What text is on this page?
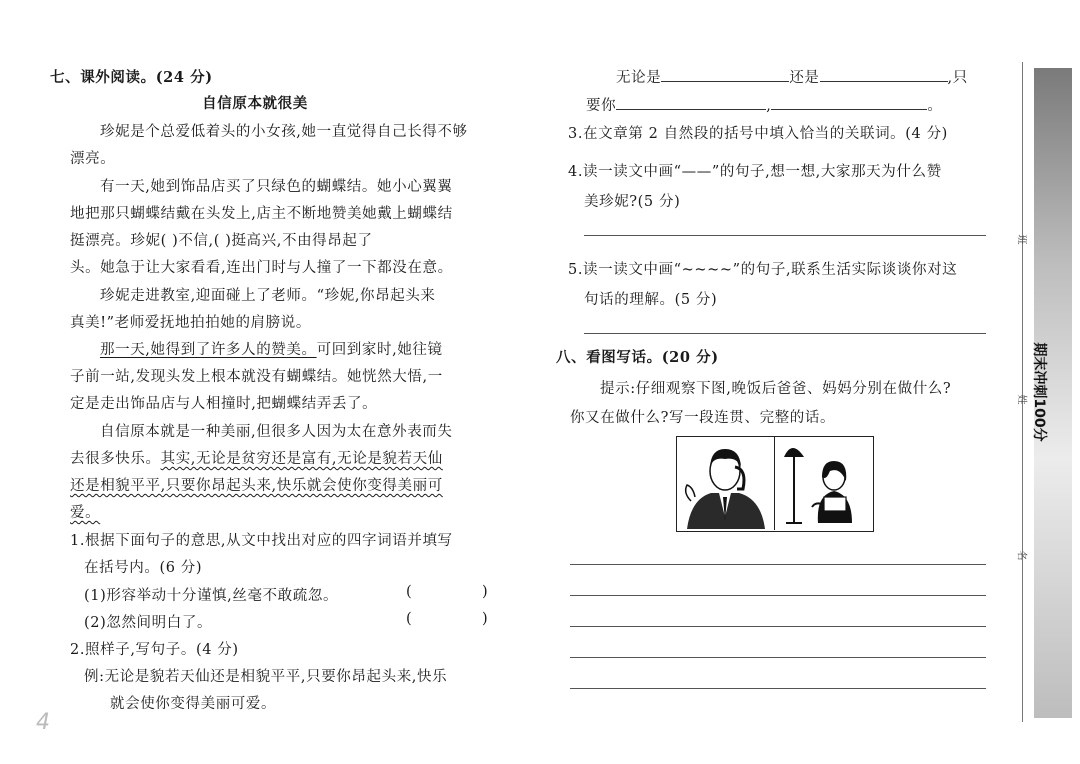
七、课外阅读。(24 分)
自信原本就很美
珍妮是个总爱低着头的小女孩,她一直觉得自己长得不够
漂亮。
有一天,她到饰品店买了只绿色的蝴蝶结。她小心翼翼
地把那只蝴蝶结戴在头发上,店主不断地赞美她戴上蝴蝶结
挺漂亮。珍妮( )不信,( )挺高兴,不由得昂起了
头。她急于让大家看看,连出门时与人撞了一下都没在意。
珍妮走进教室,迎面碰上了老师。“珍妮,你昂起头来
真美!”老师爱抚地拍拍她的肩膀说。
那一天,她得到了许多人的赞美。可回到家时,她往镜
子前一站,发现头发上根本就没有蝴蝶结。她恍然大悟,一
定是走出饰品店与人相撞时,把蝴蝶结弄丢了。
自信原本就是一种美丽,但很多人因为太在意外表而失
去很多快乐。其实,无论是贫穷还是富有,无论是貌若天仙
还是相貌平平,只要你昂起头来,快乐就会使你变得美丽可
爱。
1.根据下面句子的意思,从文中找出对应的四字词语并填写
在括号内。(6 分)
(1)形容举动十分谨慎,丝毫不敢疏忽。	(	)
(2)忽然间明白了。	(	)
2.照样子,写句子。(4 分)
例:无论是貌若天仙还是相貌平平,只要你昂起头来,快乐
就会使你变得美丽可爱。
4
无论是	还是	,只
要你	,	。
3.在文章第 2 自然段的括号中填入恰当的关联词。(4 分)
4.读一读文中画“——”的句子,想一想,大家那天为什么赞
美珍妮?(5 分)
5.读一读文中画“~~~~”的句子,联系生活实际谈谈你对这
句话的理解。(5 分)
八、看图写话。(20 分)
提示:仔细观察下图,晚饭后爸爸、妈妈分别在做什么?
你又在做什么?写一段连贯、完整的话。	期末冲刺100分
班
姓
名
